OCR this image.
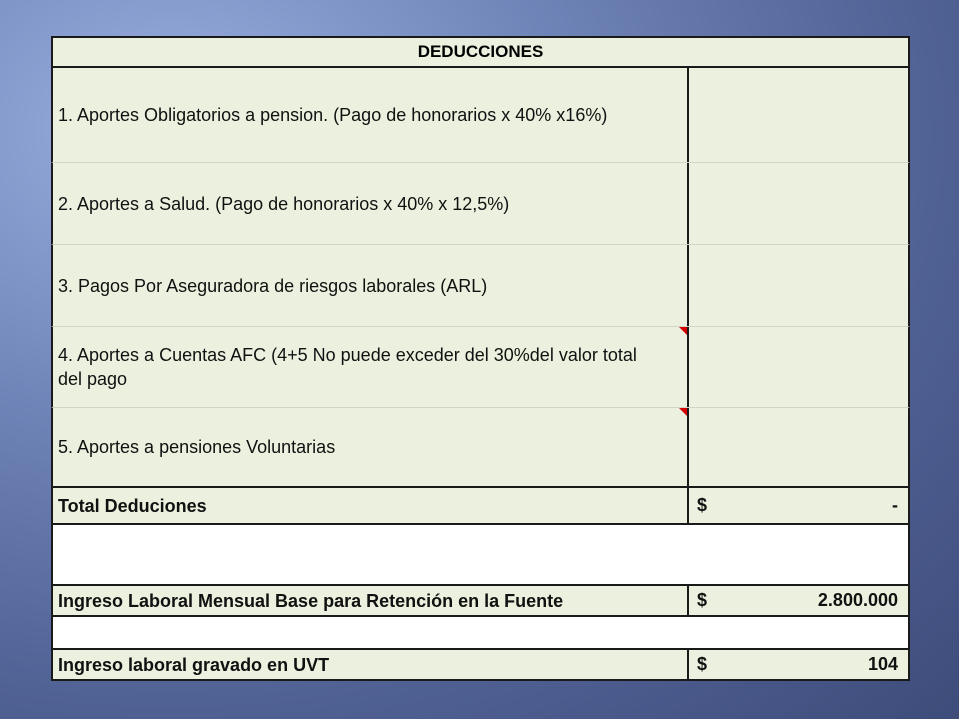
DEDUCCIONES
1. Aportes Obligatorios a pension. (Pago de honorarios x 40% x16%)
2. Aportes a Salud. (Pago de honorarios x 40% x 12,5%)
3. Pagos Por Aseguradora de riesgos laborales (ARL)
4. Aportes a Cuentas AFC (4+5 No puede exceder del 30%del valor total del pago
5. Aportes a pensiones Voluntarias
Total Deduciones	$	-
Ingreso Laboral Mensual Base para Retención en la Fuente	$	2.800.000
Ingreso laboral gravado en UVT	$	104
